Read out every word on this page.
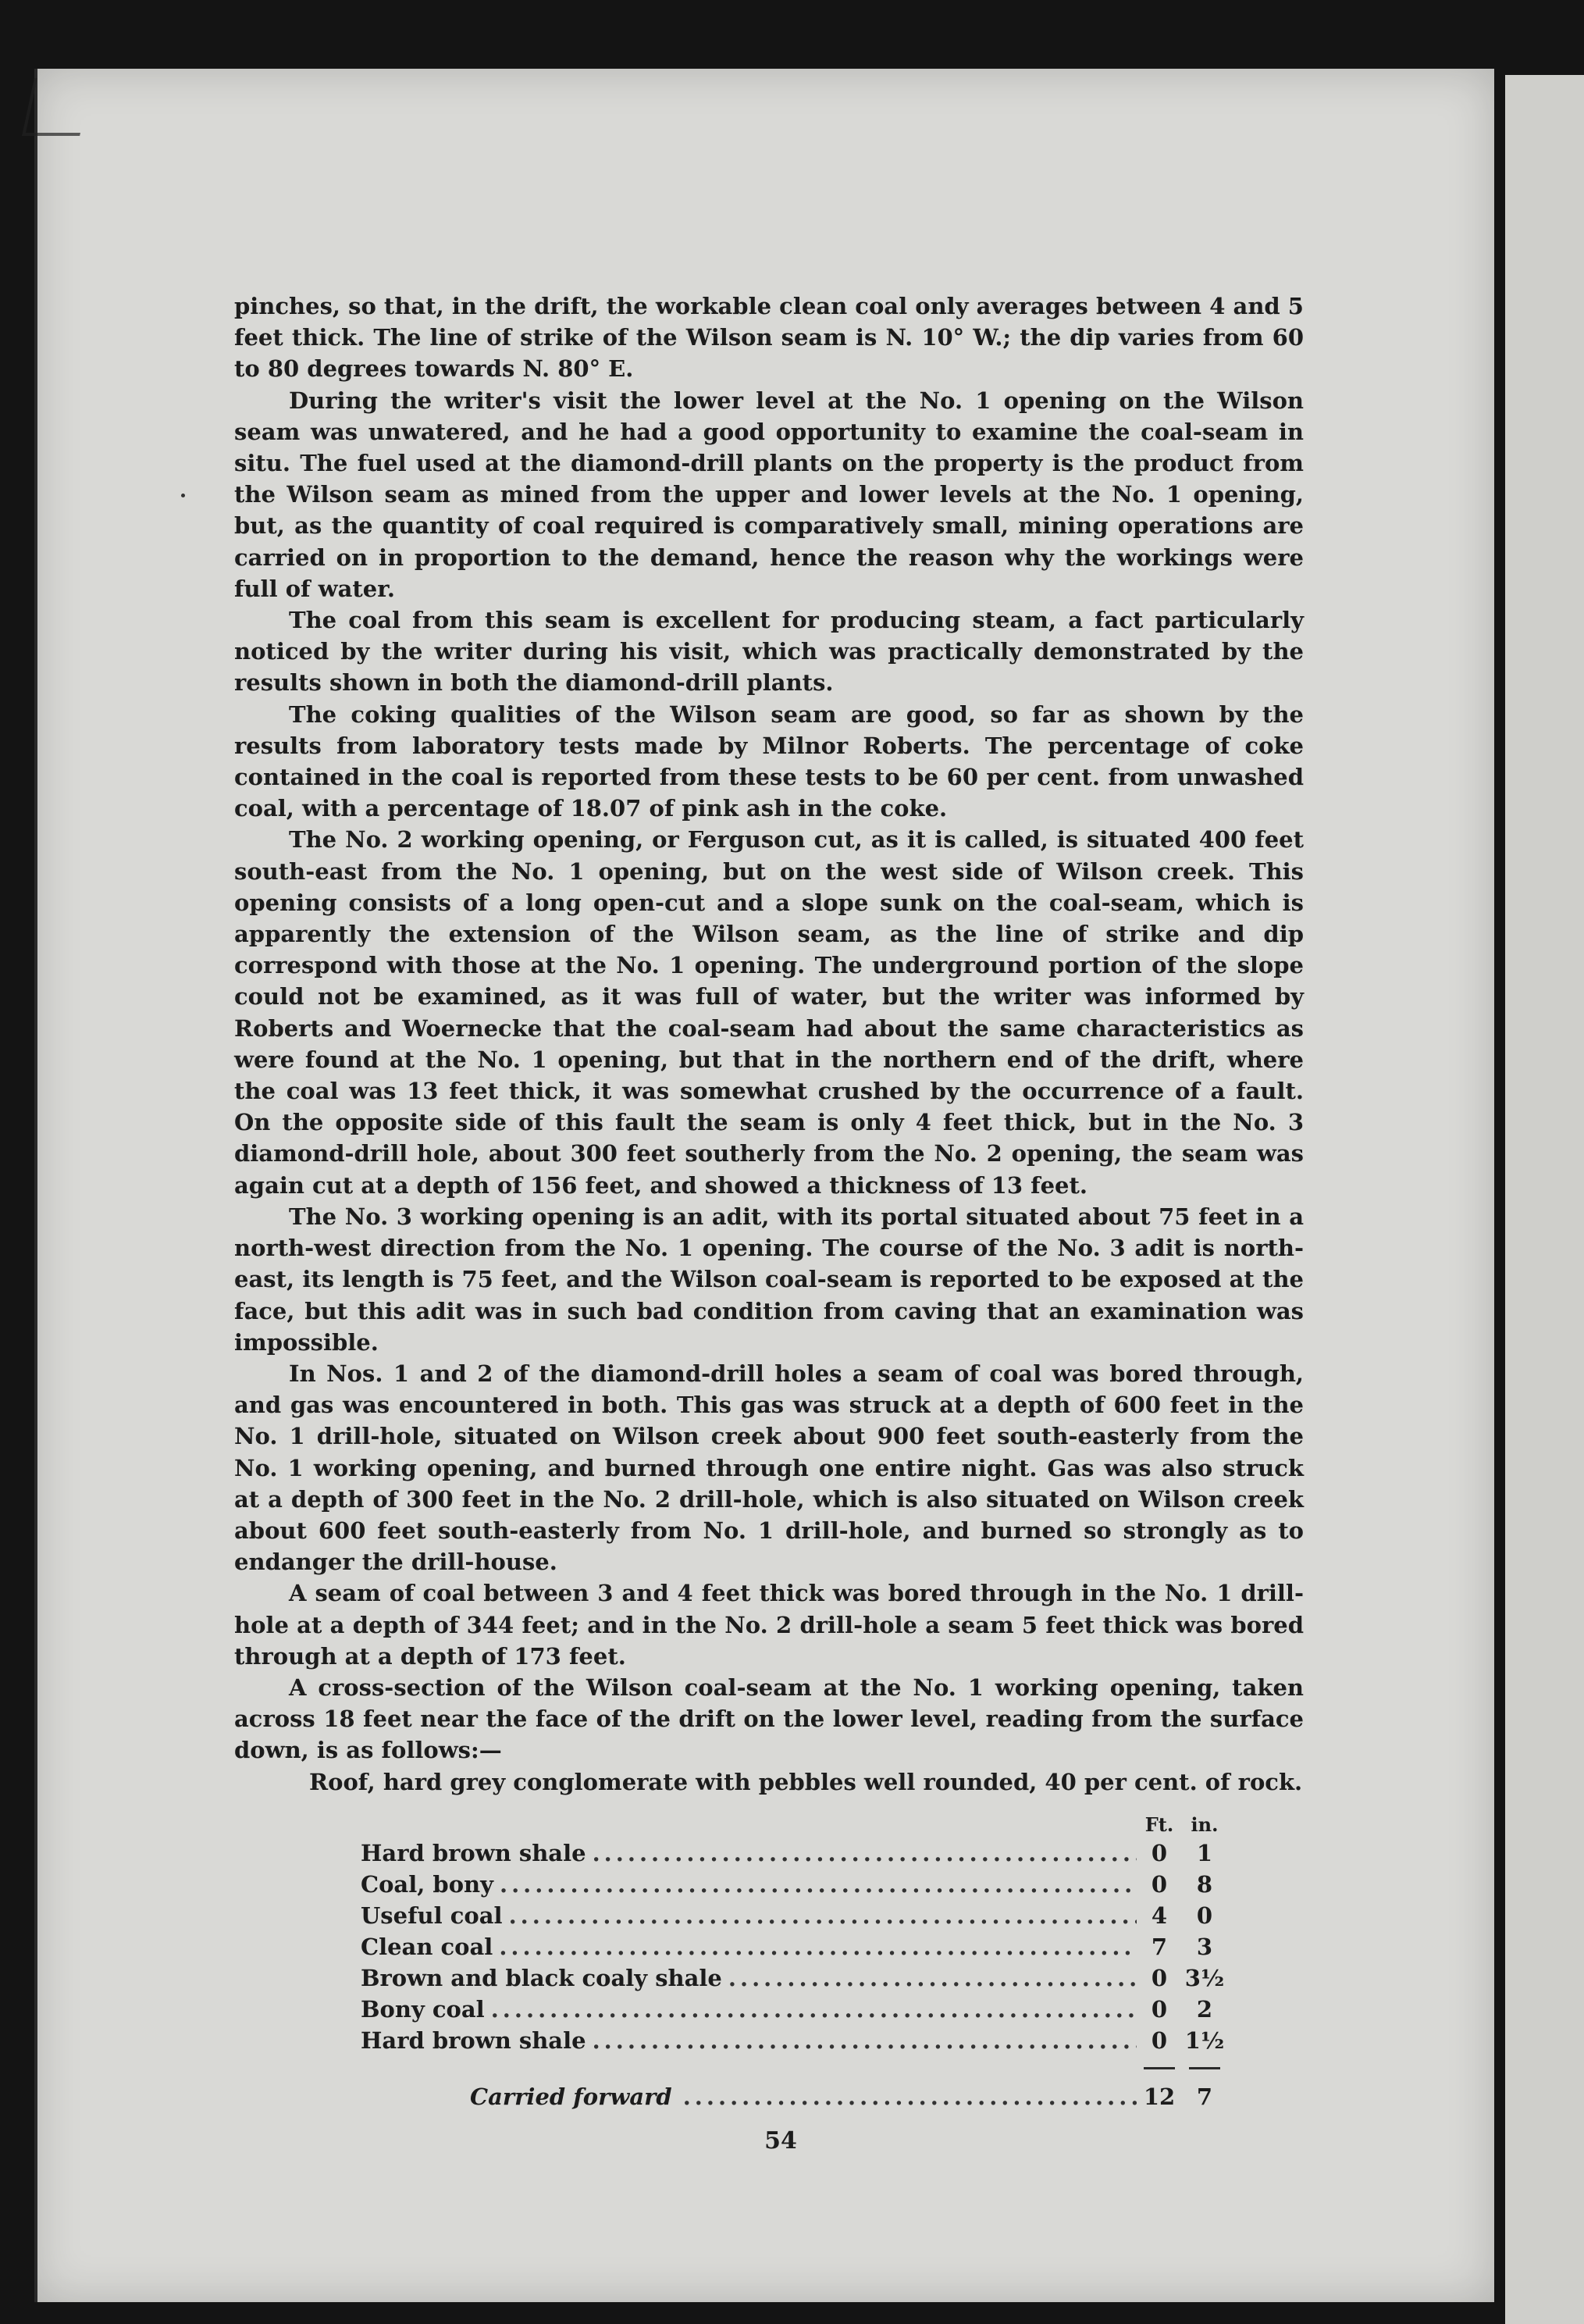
pinches, so that, in the drift, the workable clean coal only averages between 4 and 5 feet thick. The line of strike of the Wilson seam is N. 10° W.; the dip varies from 60 to 80 degrees towards N. 80° E.

During the writer's visit the lower level at the No. 1 opening on the Wilson seam was unwatered, and he had a good opportunity to examine the coal-seam in situ. The fuel used at the diamond-drill plants on the property is the product from the Wilson seam as mined from the upper and lower levels at the No. 1 opening, but, as the quantity of coal required is comparatively small, mining operations are carried on in proportion to the demand, hence the reason why the workings were full of water.

The coal from this seam is excellent for producing steam, a fact particularly noticed by the writer during his visit, which was practically demonstrated by the results shown in both the diamond-drill plants.

The coking qualities of the Wilson seam are good, so far as shown by the results from laboratory tests made by Milnor Roberts. The percentage of coke contained in the coal is reported from these tests to be 60 per cent. from unwashed coal, with a percentage of 18.07 of pink ash in the coke.

The No. 2 working opening, or Ferguson cut, as it is called, is situated 400 feet south-east from the No. 1 opening, but on the west side of Wilson creek. This opening consists of a long open-cut and a slope sunk on the coal-seam, which is apparently the extension of the Wilson seam, as the line of strike and dip correspond with those at the No. 1 opening. The underground portion of the slope could not be examined, as it was full of water, but the writer was informed by Roberts and Woernecke that the coal-seam had about the same characteristics as were found at the No. 1 opening, but that in the northern end of the drift, where the coal was 13 feet thick, it was somewhat crushed by the occurrence of a fault. On the opposite side of this fault the seam is only 4 feet thick, but in the No. 3 diamond-drill hole, about 300 feet southerly from the No. 2 opening, the seam was again cut at a depth of 156 feet, and showed a thickness of 13 feet.

The No. 3 working opening is an adit, with its portal situated about 75 feet in a north-west direction from the No. 1 opening. The course of the No. 3 adit is north-east, its length is 75 feet, and the Wilson coal-seam is reported to be exposed at the face, but this adit was in such bad condition from caving that an examination was impossible.

In Nos. 1 and 2 of the diamond-drill holes a seam of coal was bored through, and gas was encountered in both. This gas was struck at a depth of 600 feet in the No. 1 drill-hole, situated on Wilson creek about 900 feet south-easterly from the No. 1 working opening, and burned through one entire night. Gas was also struck at a depth of 300 feet in the No. 2 drill-hole, which is also situated on Wilson creek about 600 feet south-easterly from No. 1 drill-hole, and burned so strongly as to endanger the drill-house.

A seam of coal between 3 and 4 feet thick was bored through in the No. 1 drill-hole at a depth of 344 feet; and in the No. 2 drill-hole a seam 5 feet thick was bored through at a depth of 173 feet.

A cross-section of the Wilson coal-seam at the No. 1 working opening, taken across 18 feet near the face of the drift on the lower level, reading from the surface down, is as follows:—

Roof, hard grey conglomerate with pebbles well rounded, 40 per cent. of rock.

Ft. in.
Hard brown shale .....	0	1
Coal, bony .....	0	8
Useful coal .....	4	0
Clean coal .....	7	3
Brown and black coaly shale .....	0 3½
Bony coal .....	0	2
Hard brown shale .....	0 1½
Carried forward .....	12 7
54
